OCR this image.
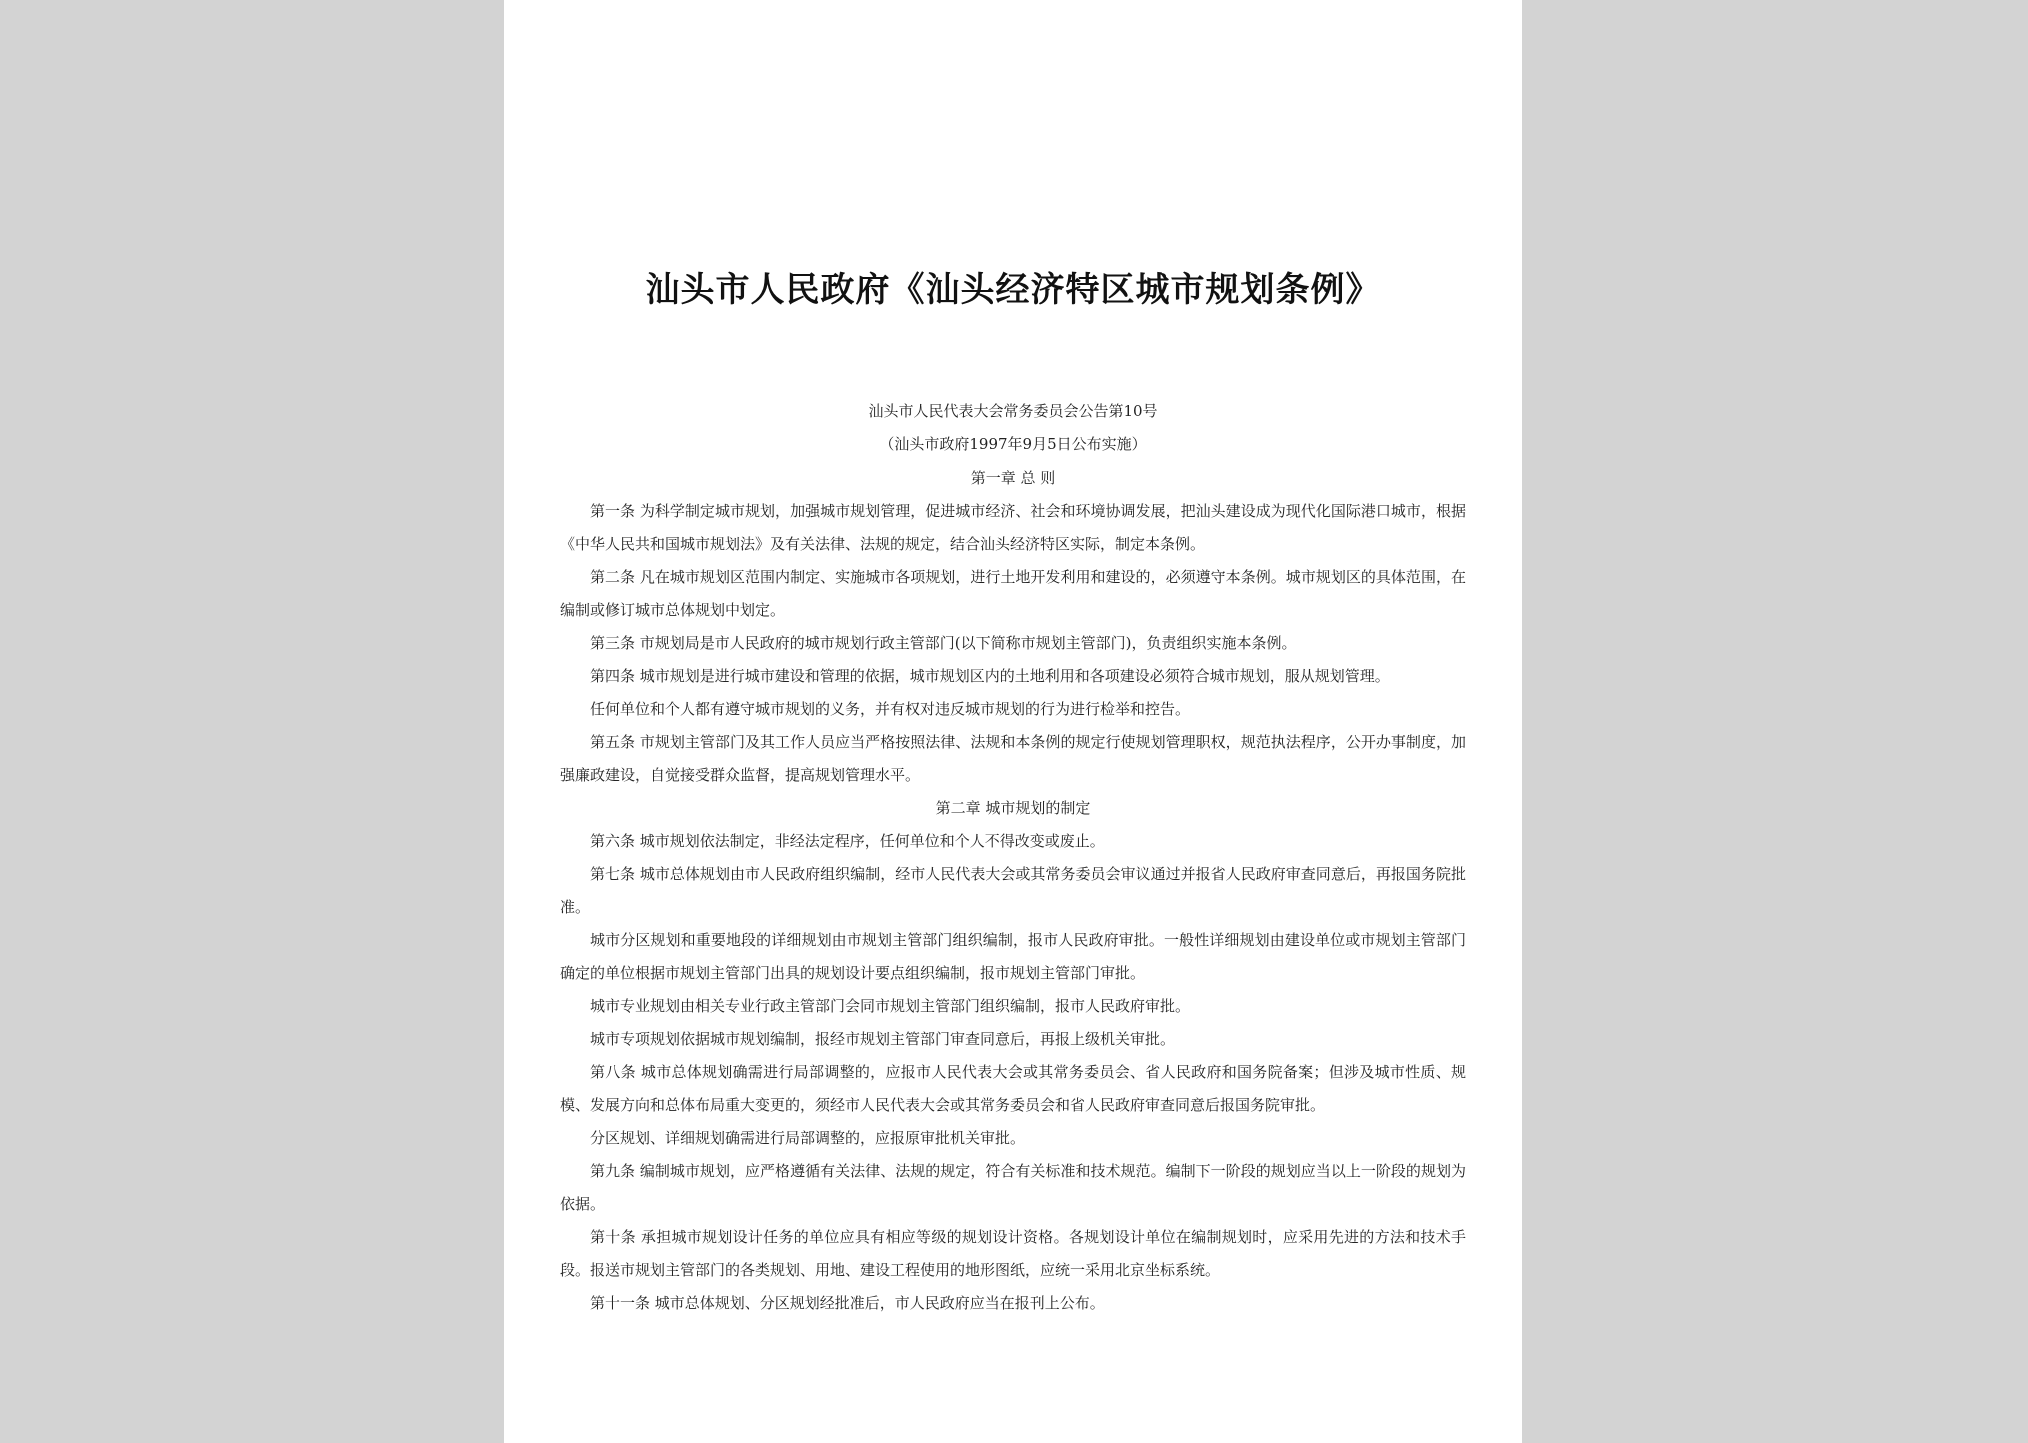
汕头市人民政府《汕头经济特区城市规划条例》
汕头市人民代表大会常务委员会公告第10号
（汕头市政府1997年9月5日公布实施）
第一章 总 则

第一条 为科学制定城市规划，加强城市规划管理，促进城市经济、社会和环境协调发展，把汕头建设成为现代化国际港口城市，根据《中华人民共和国城市规划法》及有关法律、法规的规定，结合汕头经济特区实际，制定本条例。

第二条 凡在城市规划区范围内制定、实施城市各项规划，进行土地开发利用和建设的，必须遵守本条例。城市规划区的具体范围，在编制或修订城市总体规划中划定。

第三条 市规划局是市人民政府的城市规划行政主管部门(以下简称市规划主管部门)，负责组织实施本条例。

第四条 城市规划是进行城市建设和管理的依据，城市规划区内的土地利用和各项建设必须符合城市规划，服从规划管理。

任何单位和个人都有遵守城市规划的义务，并有权对违反城市规划的行为进行检举和控告。

第五条 市规划主管部门及其工作人员应当严格按照法律、法规和本条例的规定行使规划管理职权，规范执法程序，公开办事制度，加强廉政建设，自觉接受群众监督，提高规划管理水平。

第二章 城市规划的制定

第六条 城市规划依法制定，非经法定程序，任何单位和个人不得改变或废止。

第七条 城市总体规划由市人民政府组织编制，经市人民代表大会或其常务委员会审议通过并报省人民政府审查同意后，再报国务院批准。

城市分区规划和重要地段的详细规划由市规划主管部门组织编制，报市人民政府审批。一般性详细规划由建设单位或市规划主管部门确定的单位根据市规划主管部门出具的规划设计要点组织编制，报市规划主管部门审批。

城市专业规划由相关专业行政主管部门会同市规划主管部门组织编制，报市人民政府审批。

城市专项规划依据城市规划编制，报经市规划主管部门审查同意后，再报上级机关审批。

第八条 城市总体规划确需进行局部调整的，应报市人民代表大会或其常务委员会、省人民政府和国务院备案；但涉及城市性质、规模、发展方向和总体布局重大变更的，须经市人民代表大会或其常务委员会和省人民政府审查同意后报国务院审批。

分区规划、详细规划确需进行局部调整的，应报原审批机关审批。

第九条 编制城市规划，应严格遵循有关法律、法规的规定，符合有关标准和技术规范。编制下一阶段的规划应当以上一阶段的规划为依据。

第十条 承担城市规划设计任务的单位应具有相应等级的规划设计资格。各规划设计单位在编制规划时，应采用先进的方法和技术手段。报送市规划主管部门的各类规划、用地、建设工程使用的地形图纸，应统一采用北京坐标系统。

第十一条 城市总体规划、分区规划经批准后，市人民政府应当在报刊上公布。
